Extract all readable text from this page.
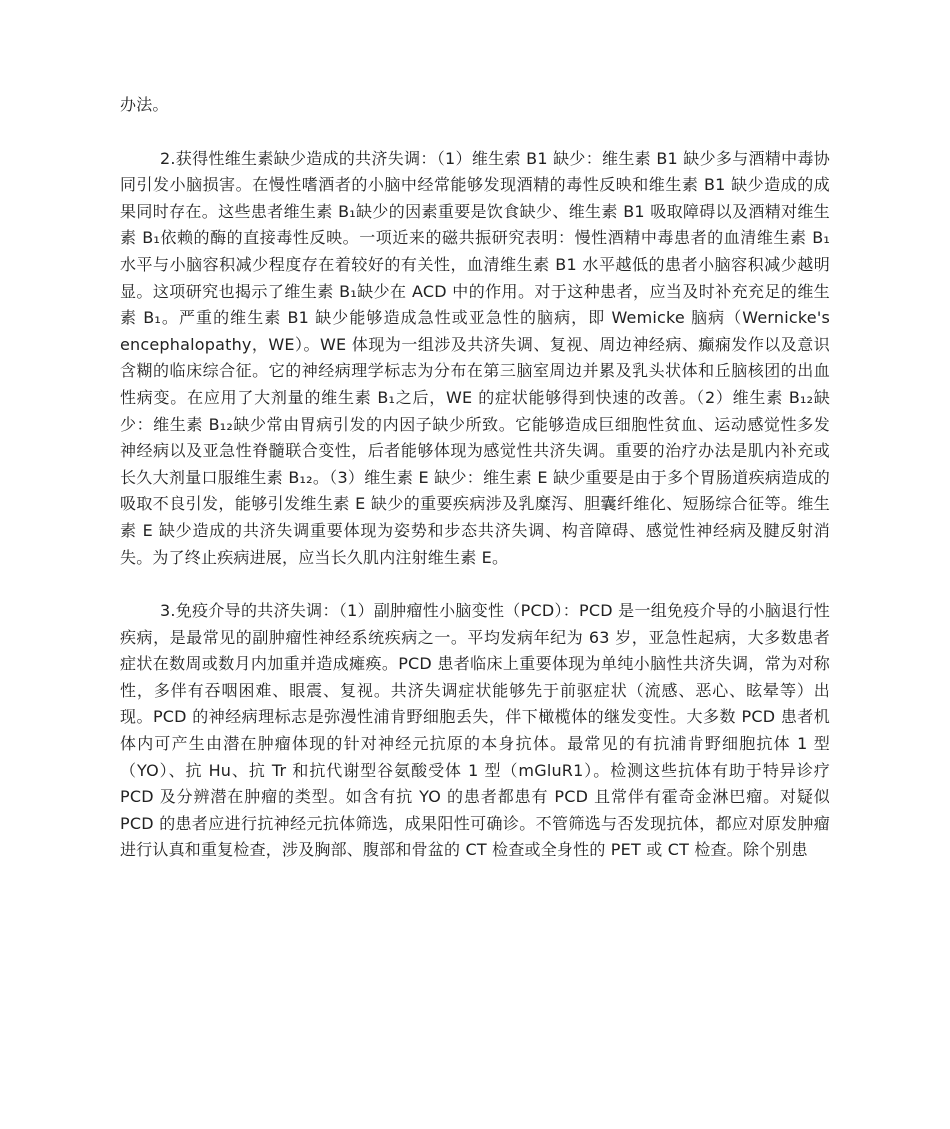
办法。

2.获得性维生素缺少造成的共济失调：（1）维生索 B1 缺少：维生素 B1 缺少多与酒精中毒协同引发小脑损害。在慢性嗜酒者的小脑中经常能够发现酒精的毒性反映和维生素 B1 缺少造成的成果同时存在。这些患者维生素 B₁缺少的因素重要是饮食缺少、维生素 B1 吸取障碍以及酒精对维生素 B₁依赖的酶的直接毒性反映。一项近来的磁共振研究表明：慢性酒精中毒患者的血清维生素 B₁水平与小脑容积减少程度存在着较好的有关性，血清维生素 B1 水平越低的患者小脑容积减少越明显。这项研究也揭示了维生素 B₁缺少在 ACD 中的作用。对于这种患者，应当及时补充充足的维生素 B₁。严重的维生素 B1 缺少能够造成急性或亚急性的脑病，即 Wemicke 脑病（Wernicke's encephalopathy，WE）。WE 体现为一组涉及共济失调、复视、周边神经病、癫痫发作以及意识含糊的临床综合征。它的神经病理学标志为分布在第三脑室周边并累及乳头状体和丘脑核团的出血性病变。在应用了大剂量的维生素 B₁之后，WE 的症状能够得到快速的改善。（2）维生素 B₁₂缺少：维生素 B₁₂缺少常由胃病引发的内因子缺少所致。它能够造成巨细胞性贫血、运动感觉性多发神经病以及亚急性脊髓联合变性，后者能够体现为感觉性共济失调。重要的治疗办法是肌内补充或长久大剂量口服维生素 B₁₂。（3）维生素 E 缺少：维生素 E 缺少重要是由于多个胃肠道疾病造成的吸取不良引发，能够引发维生素 E 缺少的重要疾病涉及乳糜泻、胆囊纤维化、短肠综合征等。维生素 E 缺少造成的共济失调重要体现为姿势和步态共济失调、构音障碍、感觉性神经病及腱反射消失。为了终止疾病进展，应当长久肌内注射维生素 E。

3.免疫介导的共济失调：（1）副肿瘤性小脑变性（PCD）：PCD 是一组免疫介导的小脑退行性疾病，是最常见的副肿瘤性神经系统疾病之一。平均发病年纪为 63 岁，亚急性起病，大多数患者症状在数周或数月内加重并造成瘫痪。PCD 患者临床上重要体现为单纯小脑性共济失调，常为对称性，多伴有吞咽困难、眼震、复视。共济失调症状能够先于前驱症状（流感、恶心、眩晕等）出现。PCD 的神经病理标志是弥漫性浦肯野细胞丢失，伴下橄榄体的继发变性。大多数 PCD 患者机体内可产生由潜在肿瘤体现的针对神经元抗原的本身抗体。最常见的有抗浦肯野细胞抗体 1 型（YO）、抗 Hu、抗 Tr 和抗代谢型谷氨酸受体 1 型（mGluR1）。检测这些抗体有助于特异诊疗 PCD 及分辨潜在肿瘤的类型。如含有抗 YO 的患者都患有 PCD 且常伴有霍奇金淋巴瘤。对疑似 PCD 的患者应进行抗神经元抗体筛选，成果阳性可确诊。不管筛选与否发现抗体，都应对原发肿瘤进行认真和重复检查，涉及胸部、腹部和骨盆的 CT 检查或全身性的 PET 或 CT 检查。除个别患
